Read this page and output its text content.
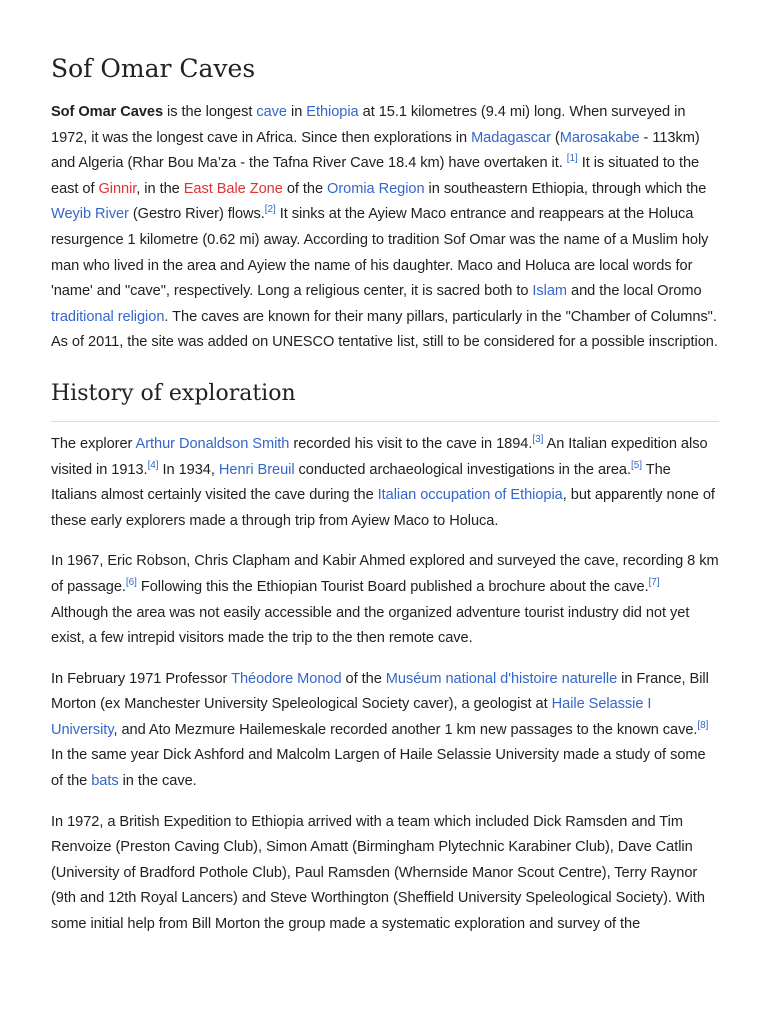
Sof Omar Caves

Sof Omar Caves is the longest cave in Ethiopia at 15.1 kilometres (9.4 mi) long. When surveyed in 1972, it was the longest cave in Africa. Since then explorations in Madagascar (Marosakabe - 113km) and Algeria (Rhar Bou Ma’za - the Tafna River Cave 18.4 km) have overtaken it. [1] It is situated to the east of Ginnir, in the East Bale Zone of the Oromia Region in southeastern Ethiopia, through which the Weyib River (Gestro River) flows.[2] It sinks at the Ayiew Maco entrance and reappears at the Holuca resurgence 1 kilometre (0.62 mi) away. According to tradition Sof Omar was the name of a Muslim holy man who lived in the area and Ayiew the name of his daughter. Maco and Holuca are local words for 'name' and "cave", respectively. Long a religious center, it is sacred both to Islam and the local Oromo traditional religion. The caves are known for their many pillars, particularly in the "Chamber of Columns". As of 2011, the site was added on UNESCO tentative list, still to be considered for a possible inscription.

History of exploration

The explorer Arthur Donaldson Smith recorded his visit to the cave in 1894.[3] An Italian expedition also visited in 1913.[4] In 1934, Henri Breuil conducted archaeological investigations in the area.[5] The Italians almost certainly visited the cave during the Italian occupation of Ethiopia, but apparently none of these early explorers made a through trip from Ayiew Maco to Holuca.

In 1967, Eric Robson, Chris Clapham and Kabir Ahmed explored and surveyed the cave, recording 8 km of passage.[6] Following this the Ethiopian Tourist Board published a brochure about the cave.[7] Although the area was not easily accessible and the organized adventure tourist industry did not yet exist, a few intrepid visitors made the trip to the then remote cave.

In February 1971 Professor Théodore Monod of the Muséum national d'histoire naturelle in France, Bill Morton (ex Manchester University Speleological Society caver), a geologist at Haile Selassie I University, and Ato Mezmure Hailemeskale recorded another 1 km new passages to the known cave.[8] In the same year Dick Ashford and Malcolm Largen of Haile Selassie University made a study of some of the bats in the cave.

In 1972, a British Expedition to Ethiopia arrived with a team which included Dick Ramsden and Tim Renvoize (Preston Caving Club), Simon Amatt (Birmingham Plytechnic Karabiner Club), Dave Catlin (University of Bradford Pothole Club), Paul Ramsden (Whernside Manor Scout Centre), Terry Raynor (9th and 12th Royal Lancers) and Steve Worthington (Sheffield University Speleological Society). With some initial help from Bill Morton the group made a systematic exploration and survey of the
